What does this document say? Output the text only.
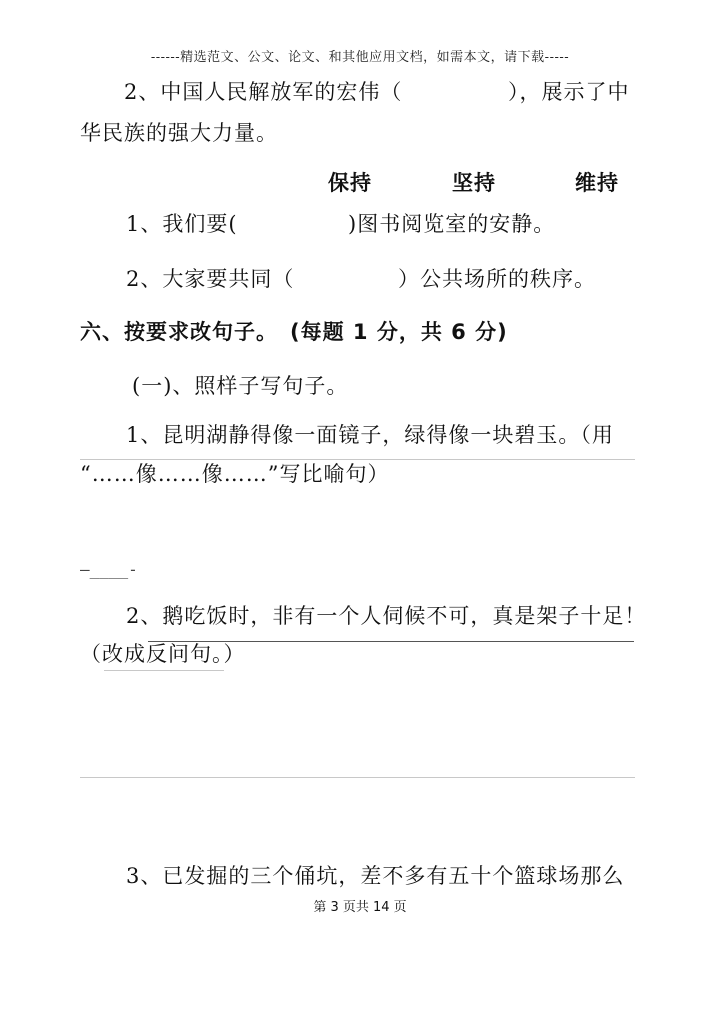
------精选范文、公文、论文、和其他应用文档，如需本文，请下载-----
2、中国人民解放军的宏伟（	），展示了中
华民族的强大力量。
保持	坚持	维持
1、我们要(	)图书阅览室的安静。
2、大家要共同（	）公共场所的秩序。
六、按要求改句子。 (每题 1 分，共 6 分)
(一)、照样子写句子。
1、昆明湖静得像一面镜子，绿得像一块碧玉。（用
“……像……像……”写比喻句）
—____-
2、鹅吃饭时，非有一个人伺候不可，真是架子十足！
（改成反问句。）
3、已发掘的三个俑坑，差不多有五十个篮球场那么
第 3 页共 14 页
